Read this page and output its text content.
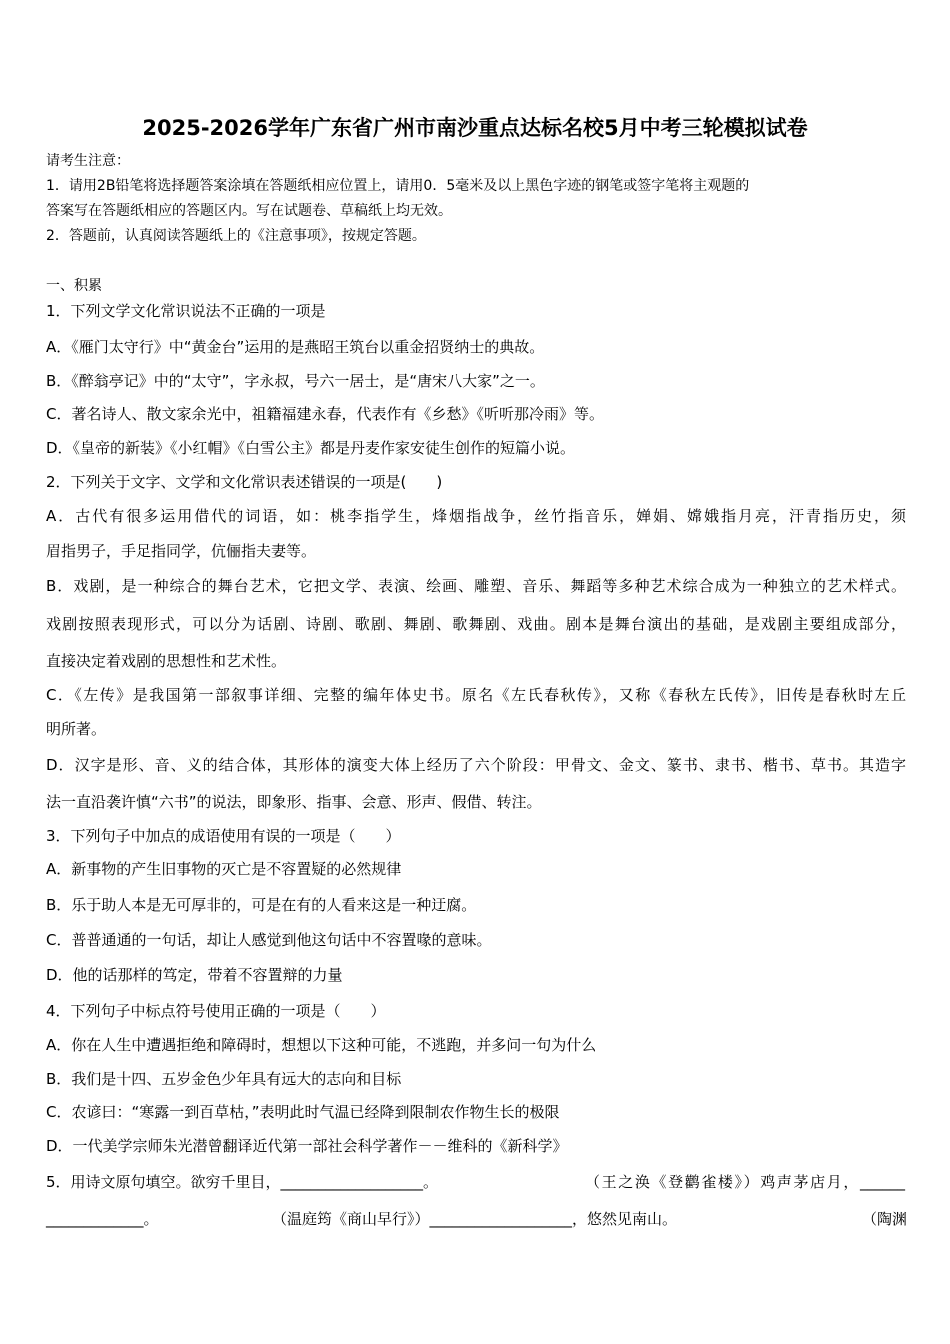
2025-2026学年广东省广州市南沙重点达标名校5月中考三轮模拟试卷
请考生注意：
1．请用2B铅笔将选择题答案涂填在答题纸相应位置上，请用0．5毫米及以上黑色字迹的钢笔或签字笔将主观题的
答案写在答题纸相应的答题区内。写在试题卷、草稿纸上均无效。
2．答题前，认真阅读答题纸上的《注意事项》，按规定答题。
一、积累
1．下列文学文化常识说法不正确的一项是
A．《雁门太守行》中“黄金台”运用的是燕昭王筑台以重金招贤纳士的典故。
B．《醉翁亭记》中的“太守”，字永叔，号六一居士，是“唐宋八大家”之一。
C．著名诗人、散文家余光中，祖籍福建永春，代表作有《乡愁》《听听那冷雨》等。
D．《皇帝的新装》《小红帽》《白雪公主》都是丹麦作家安徒生创作的短篇小说。
2．下列关于文字、文学和文化常识表述错误的一项是(　　)
A．古代有很多运用借代的词语，如：桃李指学生，烽烟指战争，丝竹指音乐，婵娟、嫦娥指月亮，汗青指历史，须
眉指男子，手足指同学，伉俪指夫妻等。
B．戏剧，是一种综合的舞台艺术，它把文学、表演、绘画、雕塑、音乐、舞蹈等多种艺术综合成为一种独立的艺术样式。
戏剧按照表现形式，可以分为话剧、诗剧、歌剧、舞剧、歌舞剧、戏曲。剧本是舞台演出的基础，是戏剧主要组成部分，
直接决定着戏剧的思想性和艺术性。
C．《左传》是我国第一部叙事详细、完整的编年体史书。原名《左氏春秋传》，又称《春秋左氏传》，旧传是春秋时左丘
明所著。
D．汉字是形、音、义的结合体，其形体的演变大体上经历了六个阶段：甲骨文、金文、篆书、隶书、楷书、草书。其造字
法一直沿袭许慎“六书”的说法，即象形、指事、会意、形声、假借、转注。
3．下列句子中加点的成语使用有误的一项是（　　）
A．新事物的产生旧事物的灭亡是不容置疑的必然规律
B．乐于助人本是无可厚非的，可是在有的人看来这是一种迂腐。
C．普普通通的一句话，却让人感觉到他这句话中不容置喙的意味。
D．他的话那样的笃定，带着不容置辩的力量
4．下列句子中标点符号使用正确的一项是（　　）
A．你在人生中遭遇拒绝和障碍时，想想以下这种可能，不逃跑，并多问一句为什么
B．我们是十四、五岁金色少年具有远大的志向和目标
C．农谚曰：“寒露一到百草枯，”表明此时气温已经降到限制农作物生长的极限
D．一代美学宗师朱光潜曾翻译近代第一部社会科学著作－－维科的《新科学》
5．用诗文原句填空。欲穷千里目，___________________。	（王之涣《登鹳雀楼》）鸡声茅店月，______
_____________。	（温庭筠《商山早行》）___________________，悠然见南山。	（陶渊
